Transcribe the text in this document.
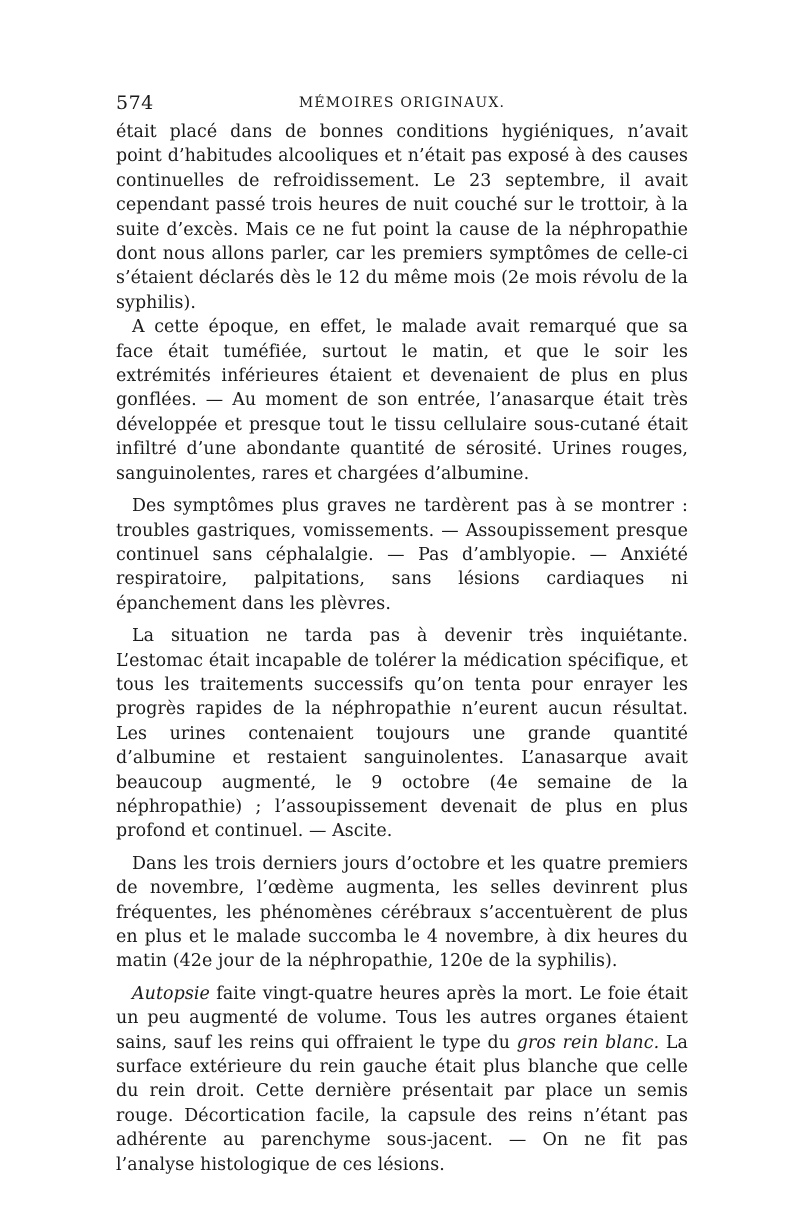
574	MÉMOIRES ORIGINAUX.

était placé dans de bonnes conditions hygiéniques, n’avait point d’habitudes alcooliques et n’était pas exposé à des causes continuelles de refroidissement. Le 23 septembre, il avait cependant passé trois heures de nuit couché sur le trottoir, à la suite d’excès. Mais ce ne fut point la cause de la néphropathie dont nous allons parler, car les premiers symptômes de celle-ci s’étaient déclarés dès le 12 du même mois (2e mois révolu de la syphilis).

A cette époque, en effet, le malade avait remarqué que sa face était tuméfiée, surtout le matin, et que le soir les extrémités inférieures étaient et devenaient de plus en plus gonflées. — Au moment de son entrée, l’anasarque était très développée et presque tout le tissu cellulaire sous-cutané était infiltré d’une abondante quantité de sérosité. Urines rouges, sanguinolentes, rares et chargées d’albumine.

Des symptômes plus graves ne tardèrent pas à se montrer : troubles gastriques, vomissements. — Assoupissement presque continuel sans céphalalgie. — Pas d’amblyopie. — Anxiété respiratoire, palpitations, sans lésions cardiaques ni épanchement dans les plèvres.

La situation ne tarda pas à devenir très inquiétante. L’estomac était incapable de tolérer la médication spécifique, et tous les traitements successifs qu’on tenta pour enrayer les progrès rapides de la néphropathie n’eurent aucun résultat. Les urines contenaient toujours une grande quantité d’albumine et restaient sanguinolentes. L’anasarque avait beaucoup augmenté, le 9 octobre (4e semaine de la néphropathie) ; l’assoupissement devenait de plus en plus profond et continuel. — Ascite.

Dans les trois derniers jours d’octobre et les quatre premiers de novembre, l’œdème augmenta, les selles devinrent plus fréquentes, les phénomènes cérébraux s’accentuèrent de plus en plus et le malade succomba le 4 novembre, à dix heures du matin (42e jour de la néphropathie, 120e de la syphilis).

Autopsie faite vingt-quatre heures après la mort. Le foie était un peu augmenté de volume. Tous les autres organes étaient sains, sauf les reins qui offraient le type du gros rein blanc. La surface extérieure du rein gauche était plus blanche que celle du rein droit. Cette dernière présentait par place un semis rouge. Décortication facile, la capsule des reins n’étant pas adhérente au parenchyme sous-jacent. — On ne fit pas l’analyse histologique de ces lésions.
